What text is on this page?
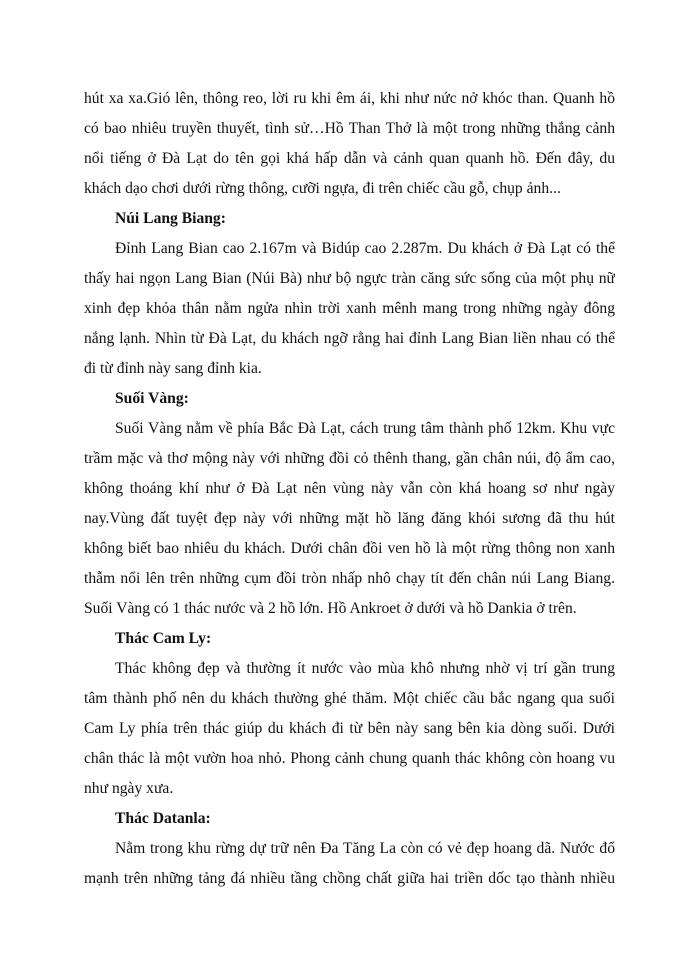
hút xa xa.Gió lên, thông reo, lời ru khi êm ái, khi như nức nở khóc than. Quanh hồ
có bao nhiêu truyền thuyết, tình sử…Hồ Than Thở là một trong những thắng cảnh
nổi tiếng ở Đà Lạt do tên gọi khá hấp dẫn và cảnh quan quanh hồ. Đến đây, du
khách dạo chơi dưới rừng thông, cưỡi ngựa, đi trên chiếc cầu gỗ, chụp ảnh...
Núi Lang Biang:
Đỉnh Lang Bian cao 2.167m và Bidúp cao 2.287m. Du khách ở Đà Lạt có thể
thấy hai ngọn Lang Bian (Núi Bà) như bộ ngực tràn căng sức sống của một phụ nữ
xinh đẹp khỏa thân nằm ngửa nhìn trời xanh mênh mang trong những ngày đông
nắng lạnh. Nhìn từ Đà Lạt, du khách ngỡ rằng hai đỉnh Lang Bian liền nhau có thể
đi từ đỉnh này sang đỉnh kia.
Suối Vàng:
Suối Vàng nằm về phía Bắc Đà Lạt, cách trung tâm thành phố 12km. Khu vực
trầm mặc và thơ mộng này với những đồi cỏ thênh thang, gần chân núi, độ ẩm cao,
không thoáng khí như ở Đà Lạt nên vùng này vẫn còn khá hoang sơ như ngày
nay.Vùng đất tuyệt đẹp này với những mặt hồ lăng đăng khói sương đã thu hút
không biết bao nhiêu du khách. Dưới chân đồi ven hồ là một rừng thông non xanh
thẫm nổi lên trên những cụm đồi tròn nhấp nhô chạy tít đến chân núi Lang Biang.
Suối Vàng có 1 thác nước và 2 hồ lớn. Hồ Ankroet ở dưới và hồ Dankia ở trên.
Thác Cam Ly:
Thác không đẹp và thường ít nước vào mùa khô nhưng nhờ vị trí gần trung
tâm thành phố nên du khách thường ghé thăm. Một chiếc cầu bắc ngang qua suối
Cam Ly phía trên thác giúp du khách đi từ bên này sang bên kia dòng suối. Dưới
chân thác là một vườn hoa nhỏ. Phong cảnh chung quanh thác không còn hoang vu
như ngày xưa.
Thác Datanla:
Nằm trong khu rừng dự trữ nên Đa Tăng La còn có vẻ đẹp hoang dã. Nước đổ
mạnh trên những tảng đá nhiều tầng chồng chất giữa hai triền dốc tạo thành nhiều
